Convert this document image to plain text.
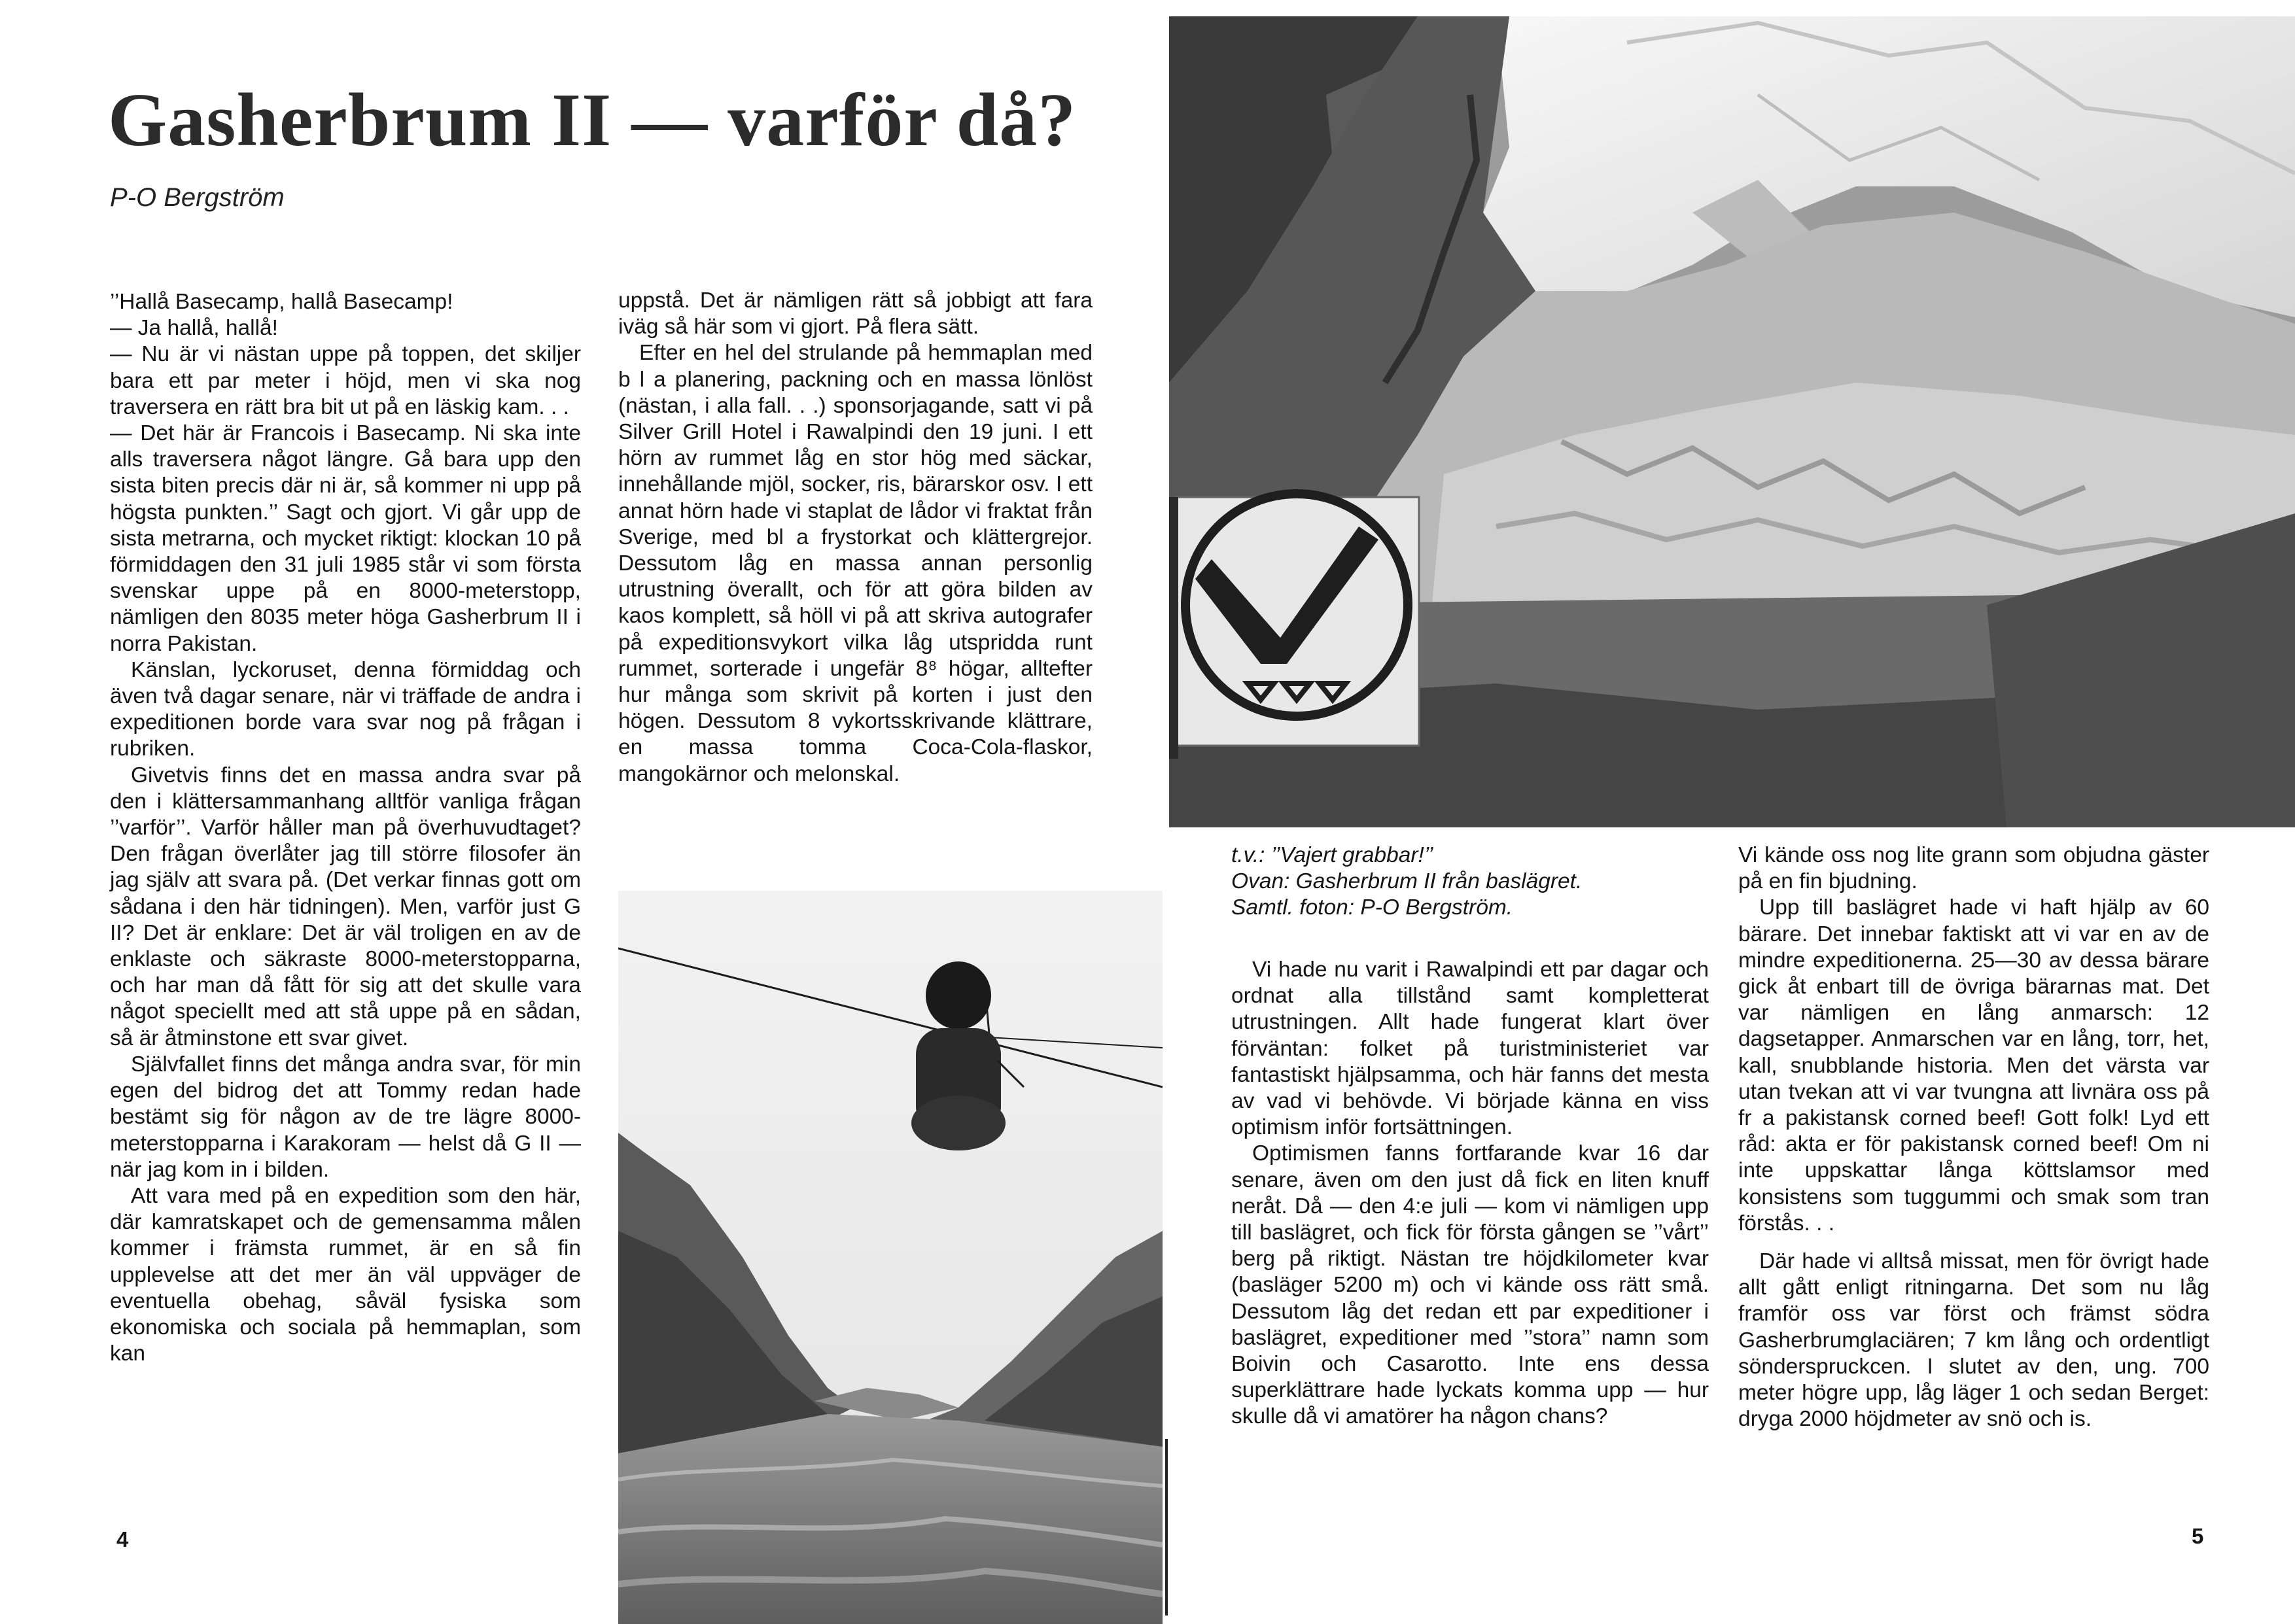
Gasherbrum II — varför då?
P-O Bergström

’’Hallå Basecamp, hallå Basecamp!

— Ja hallå, hallå!

— Nu är vi nästan uppe på toppen, det skiljer bara ett par meter i höjd, men vi ska nog traversera en rätt bra bit ut på en läskig kam. . .

— Det här är Francois i Basecamp. Ni ska inte alls traversera något längre. Gå bara upp den sista biten precis där ni är, så kommer ni upp på högsta punkten.’’ Sagt och gjort. Vi går upp de sista metrarna, och mycket riktigt: klockan 10 på förmiddagen den 31 juli 1985 står vi som första svenskar uppe på en 8000-meterstopp, nämligen den 8035 meter höga Gasherbrum II i norra Pakistan.

Känslan, lyckoruset, denna förmiddag och även två dagar senare, när vi träffade de andra i expeditionen borde vara svar nog på frågan i rubriken.

Givetvis finns det en massa andra svar på den i klättersammanhang alltför vanliga frågan ’’varför’’. Varför håller man på överhuvudtaget? Den frågan överlåter jag till större filosofer än jag själv att svara på. (Det verkar finnas gott om sådana i den här tidningen). Men, varför just G II? Det är enklare: Det är väl troligen en av de enklaste och säkraste 8000-meterstopparna, och har man då fått för sig att det skulle vara något speciellt med att stå uppe på en sådan, så är åtminstone ett svar givet.

Självfallet finns det många andra svar, för min egen del bidrog det att Tommy redan hade bestämt sig för någon av de tre lägre 8000-meterstopparna i Karakoram — helst då G II — när jag kom in i bilden.

Att vara med på en expedition som den här, där kamratskapet och de gemensamma målen kommer i främsta rummet, är en så fin upplevelse att det mer än väl uppväger de eventuella obehag, såväl fysiska som ekonomiska och sociala på hemmaplan, som kan

uppstå. Det är nämligen rätt så jobbigt att fara iväg så här som vi gjort. På flera sätt.

Efter en hel del strulande på hemmaplan med b l a planering, packning och en massa lönlöst (nästan, i alla fall. . .) sponsorjagande, satt vi på Silver Grill Hotel i Rawalpindi den 19 juni. I ett hörn av rummet låg en stor hög med säckar, innehållande mjöl, socker, ris, bärarskor osv. I ett annat hörn hade vi staplat de lådor vi fraktat från Sverige, med bl a frystorkat och klättergrejor. Dessutom låg en massa annan personlig utrustning överallt, och för att göra bilden av kaos komplett, så höll vi på att skriva autografer på expeditionsvykort vilka låg utspridda runt rummet, sorterade i ungefär 8⁸ högar, alltefter hur många som skrivit på korten i just den högen. Dessutom 8 vykortsskrivande klättrare, en massa tomma Coca-Cola-flaskor, mangokärnor och melonskal.

t.v.: ’’Vajert grabbar!’’
Ovan: Gasherbrum II från baslägret.
Samtl. foton: P-O Bergström.

Vi hade nu varit i Rawalpindi ett par dagar och ordnat alla tillstånd samt kompletterat utrustningen. Allt hade fungerat klart över förväntan: folket på turistministeriet var fantastiskt hjälpsamma, och här fanns det mesta av vad vi behövde. Vi började känna en viss optimism inför fortsättningen.

Optimismen fanns fortfarande kvar 16 dar senare, även om den just då fick en liten knuff neråt. Då — den 4:e juli — kom vi nämligen upp till baslägret, och fick för första gången se ’’vårt’’ berg på riktigt. Nästan tre höjdkilometer kvar (basläger 5200 m) och vi kände oss rätt små. Dessutom låg det redan ett par expeditioner i baslägret, expeditioner med ’’stora’’ namn som Boivin och Casarotto. Inte ens dessa superklättrare hade lyckats komma upp — hur skulle då vi amatörer ha någon chans?

Vi kände oss nog lite grann som objudna gäster på en fin bjudning.

Upp till baslägret hade vi haft hjälp av 60 bärare. Det innebar faktiskt att vi var en av de mindre expeditionerna. 25—30 av dessa bärare gick åt enbart till de övriga bärarnas mat. Det var nämligen en lång anmarsch: 12 dagsetapper. Anmarschen var en lång, torr, het, kall, snubblande historia. Men det värsta var utan tvekan att vi var tvungna att livnära oss på fr a pakistansk corned beef! Gott folk! Lyd ett råd: akta er för pakistansk corned beef! Om ni inte uppskattar långa köttslamsor med konsistens som tuggummi och smak som tran förstås. . .

Där hade vi alltså missat, men för övrigt hade allt gått enligt ritningarna. Det som nu låg framför oss var först och främst södra Gasherbrumglaciären; 7 km lång och ordentligt sönderspruckcen. I slutet av den, ung. 700 meter högre upp, låg läger 1 och sedan Berget: dryga 2000 höjdmeter av snö och is.

4	5
